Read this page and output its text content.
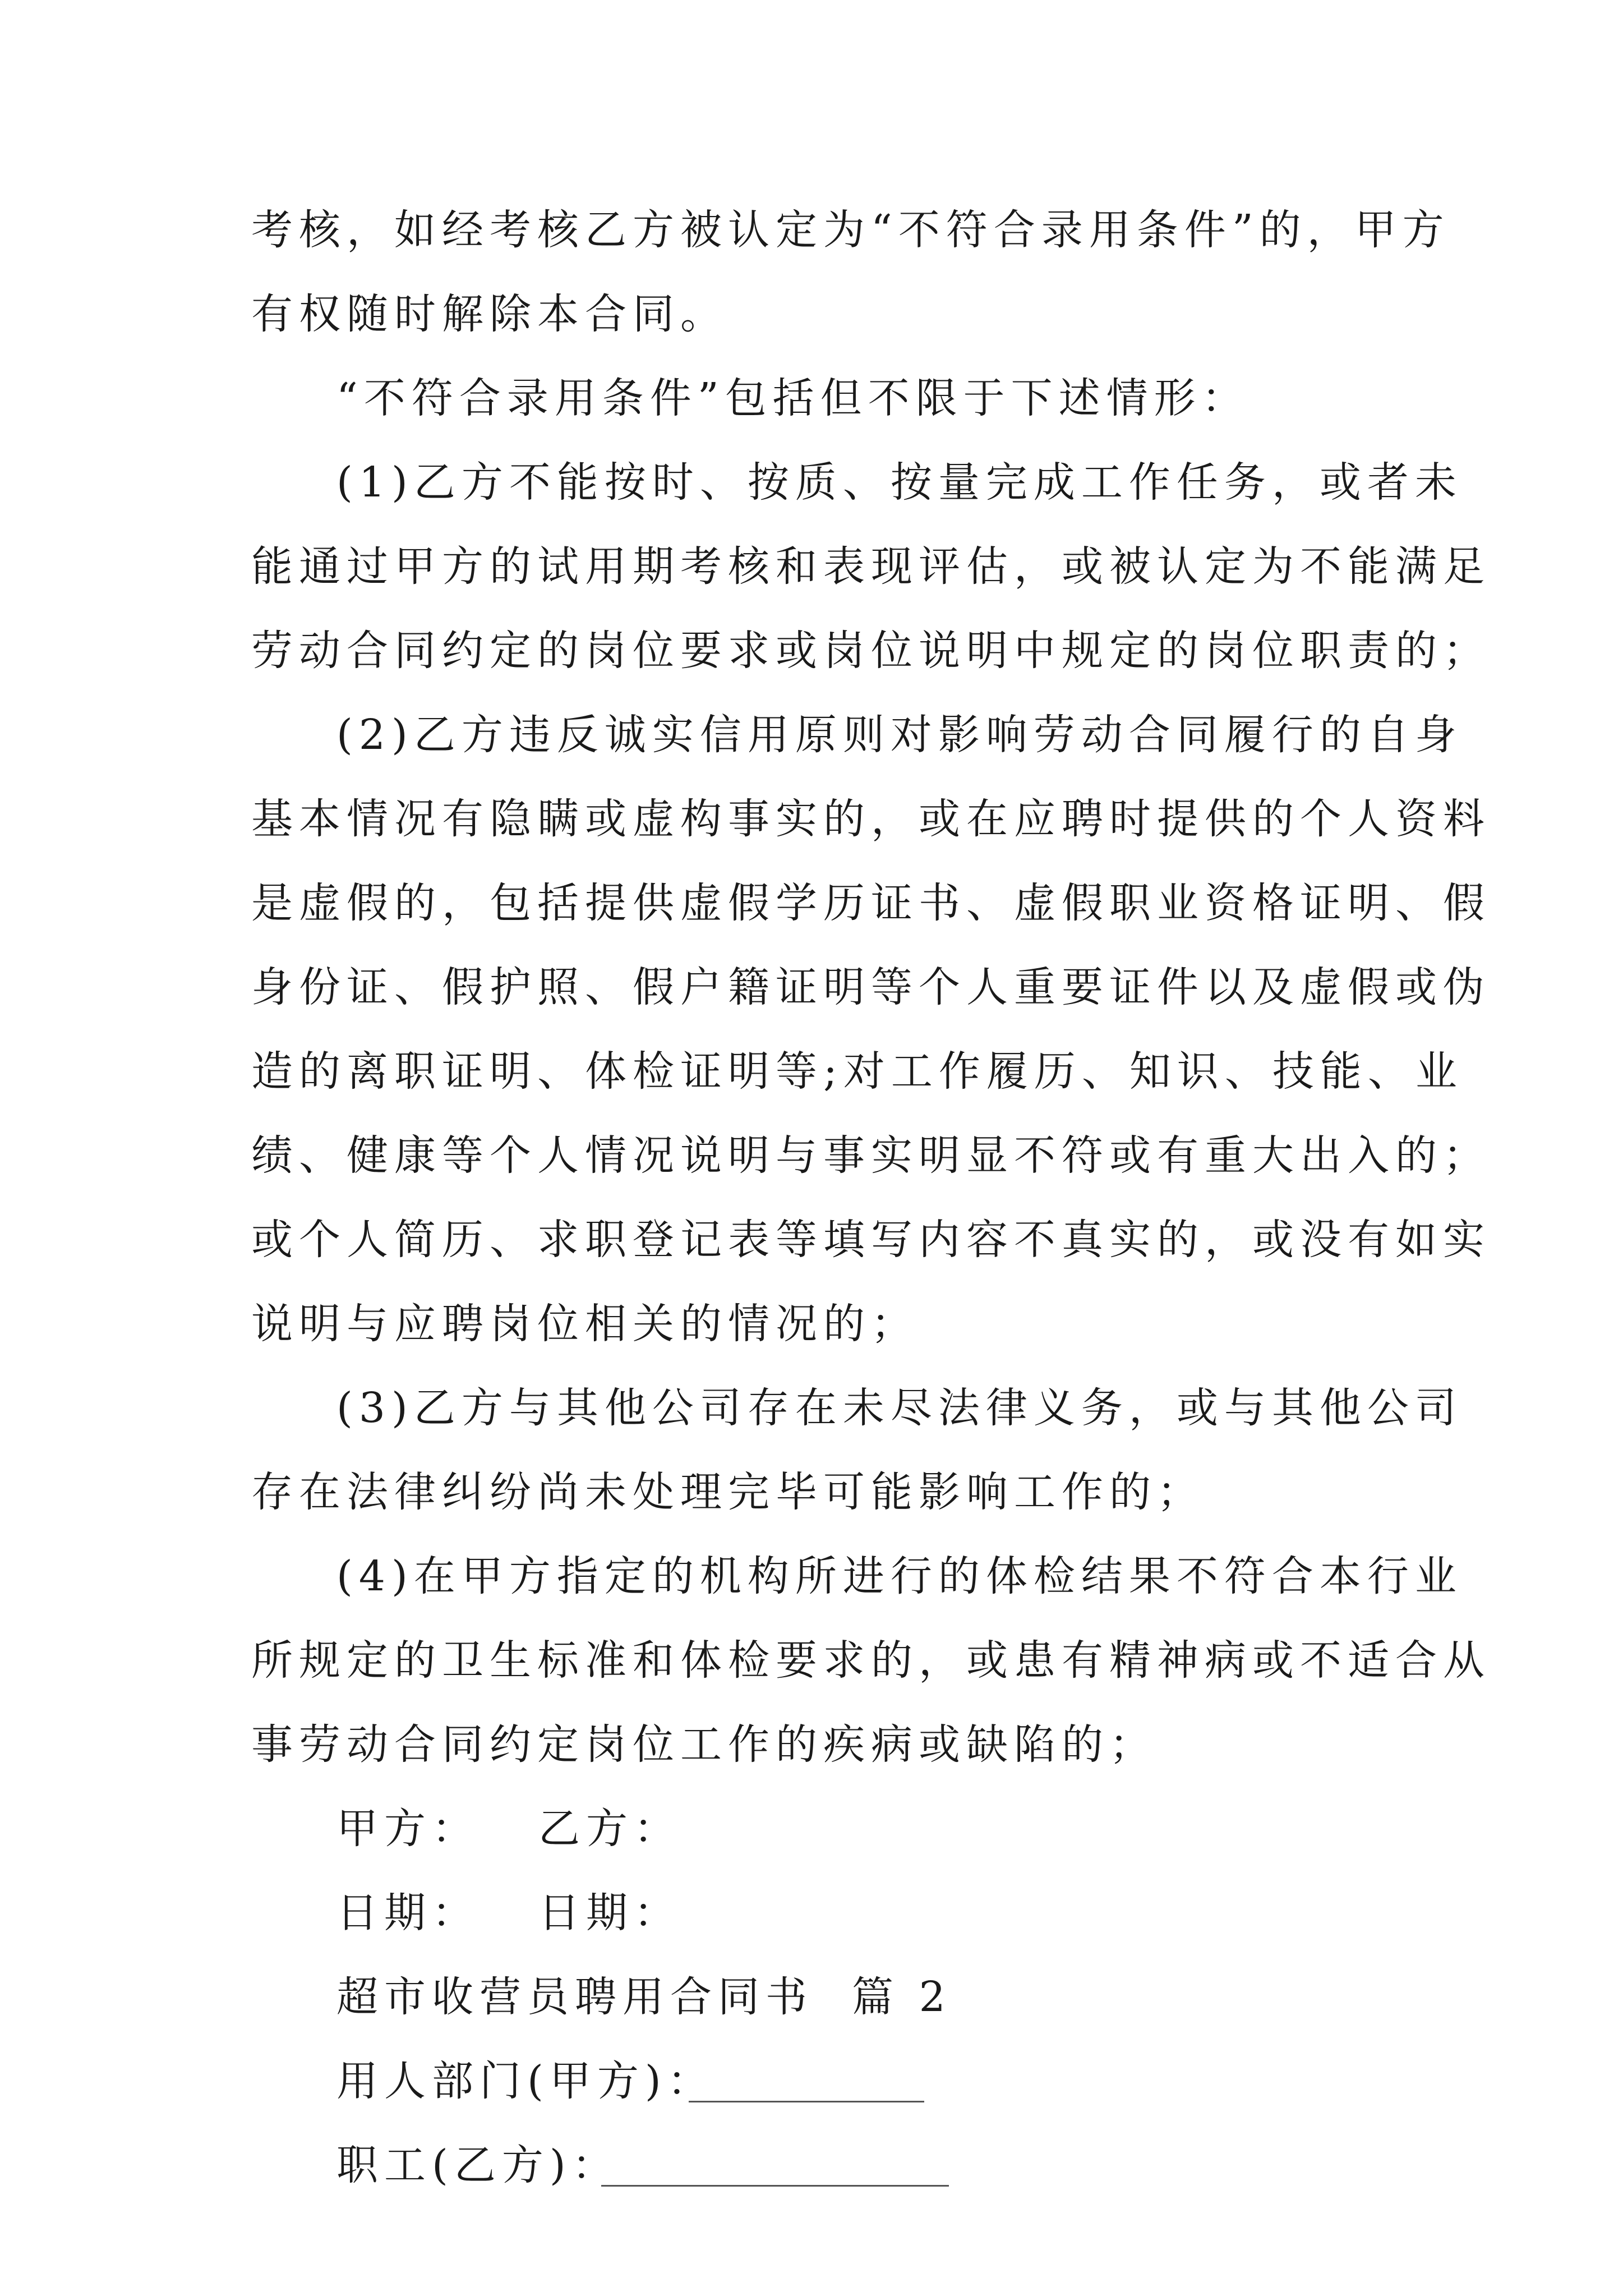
考核，如经考核乙方被认定为“不符合录用条件”的，甲方
有权随时解除本合同。
“不符合录用条件”包括但不限于下述情形：
(1)乙方不能按时、按质、按量完成工作任务，或者未
能通过甲方的试用期考核和表现评估，或被认定为不能满足
劳动合同约定的岗位要求或岗位说明中规定的岗位职责的；
(2)乙方违反诚实信用原则对影响劳动合同履行的自身
基本情况有隐瞒或虚构事实的，或在应聘时提供的个人资料
是虚假的，包括提供虚假学历证书、虚假职业资格证明、假
身份证、假护照、假户籍证明等个人重要证件以及虚假或伪
造的离职证明、体检证明等;对工作履历、知识、技能、业
绩、健康等个人情况说明与事实明显不符或有重大出入的；
或个人简历、求职登记表等填写内容不真实的，或没有如实
说明与应聘岗位相关的情况的；
(3)乙方与其他公司存在未尽法律义务，或与其他公司
存在法律纠纷尚未处理完毕可能影响工作的；
(4)在甲方指定的机构所进行的体检结果不符合本行业
所规定的卫生标准和体检要求的，或患有精神病或不适合从
事劳动合同约定岗位工作的疾病或缺陷的；
甲方： 乙方：
日期： 日期：
超市收营员聘用合同书  篇 2
用人部门(甲方)：
职工(乙方)：
